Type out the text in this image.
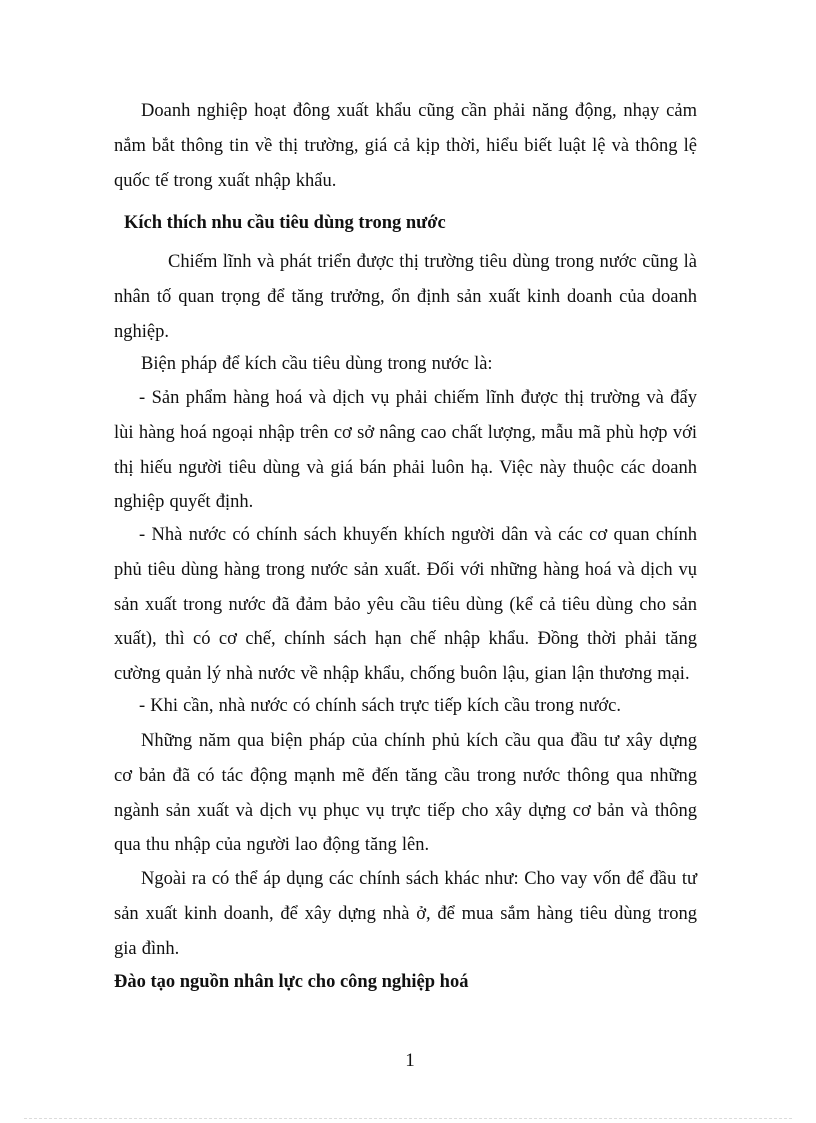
Doanh nghiệp hoạt đông xuất khẩu cũng cần phải năng động, nhạy cảm nắm bắt thông tin về thị trường, giá cả kịp thời, hiểu biết luật lệ và thông lệ quốc tế trong xuất nhập khẩu.

Kích thích nhu cầu tiêu dùng trong nước

Chiếm lĩnh và phát triển được thị trường tiêu dùng trong nước cũng là nhân tố quan trọng để tăng trưởng, ổn định sản xuất kinh doanh của doanh nghiệp.

Biện pháp để kích cầu tiêu dùng trong nước là:

- Sản phẩm hàng hoá và dịch vụ phải chiếm lĩnh được thị trường và đẩy lùi hàng hoá ngoại nhập trên cơ sở nâng cao chất lượng, mẫu mã phù hợp với thị hiếu người tiêu dùng và giá bán phải luôn hạ. Việc này thuộc các doanh nghiệp quyết định.

- Nhà nước có chính sách khuyến khích người dân và các cơ quan chính phủ tiêu dùng hàng trong nước sản xuất. Đối với những hàng hoá và dịch vụ sản xuất trong nước đã đảm bảo yêu cầu tiêu dùng (kể cả tiêu dùng cho sản xuất), thì có cơ chế, chính sách hạn chế nhập khẩu. Đồng thời phải tăng cường quản lý nhà nước về nhập khẩu, chống buôn lậu, gian lận thương mại.

- Khi cần, nhà nước có chính sách trực tiếp kích cầu trong nước.

Những năm qua biện pháp của chính phủ kích cầu qua đầu tư xây dựng cơ bản đã có tác động mạnh mẽ đến tăng cầu trong nước thông qua những ngành sản xuất và dịch vụ phục vụ trực tiếp cho xây dựng cơ bản và thông qua thu nhập của người lao động tăng lên.

Ngoài ra có thể áp dụng các chính sách khác như: Cho vay vốn để đầu tư sản xuất kinh doanh, để xây dựng nhà ở, để mua sắm hàng tiêu dùng trong gia đình.

Đào tạo nguồn nhân lực cho công nghiệp hoá
1
